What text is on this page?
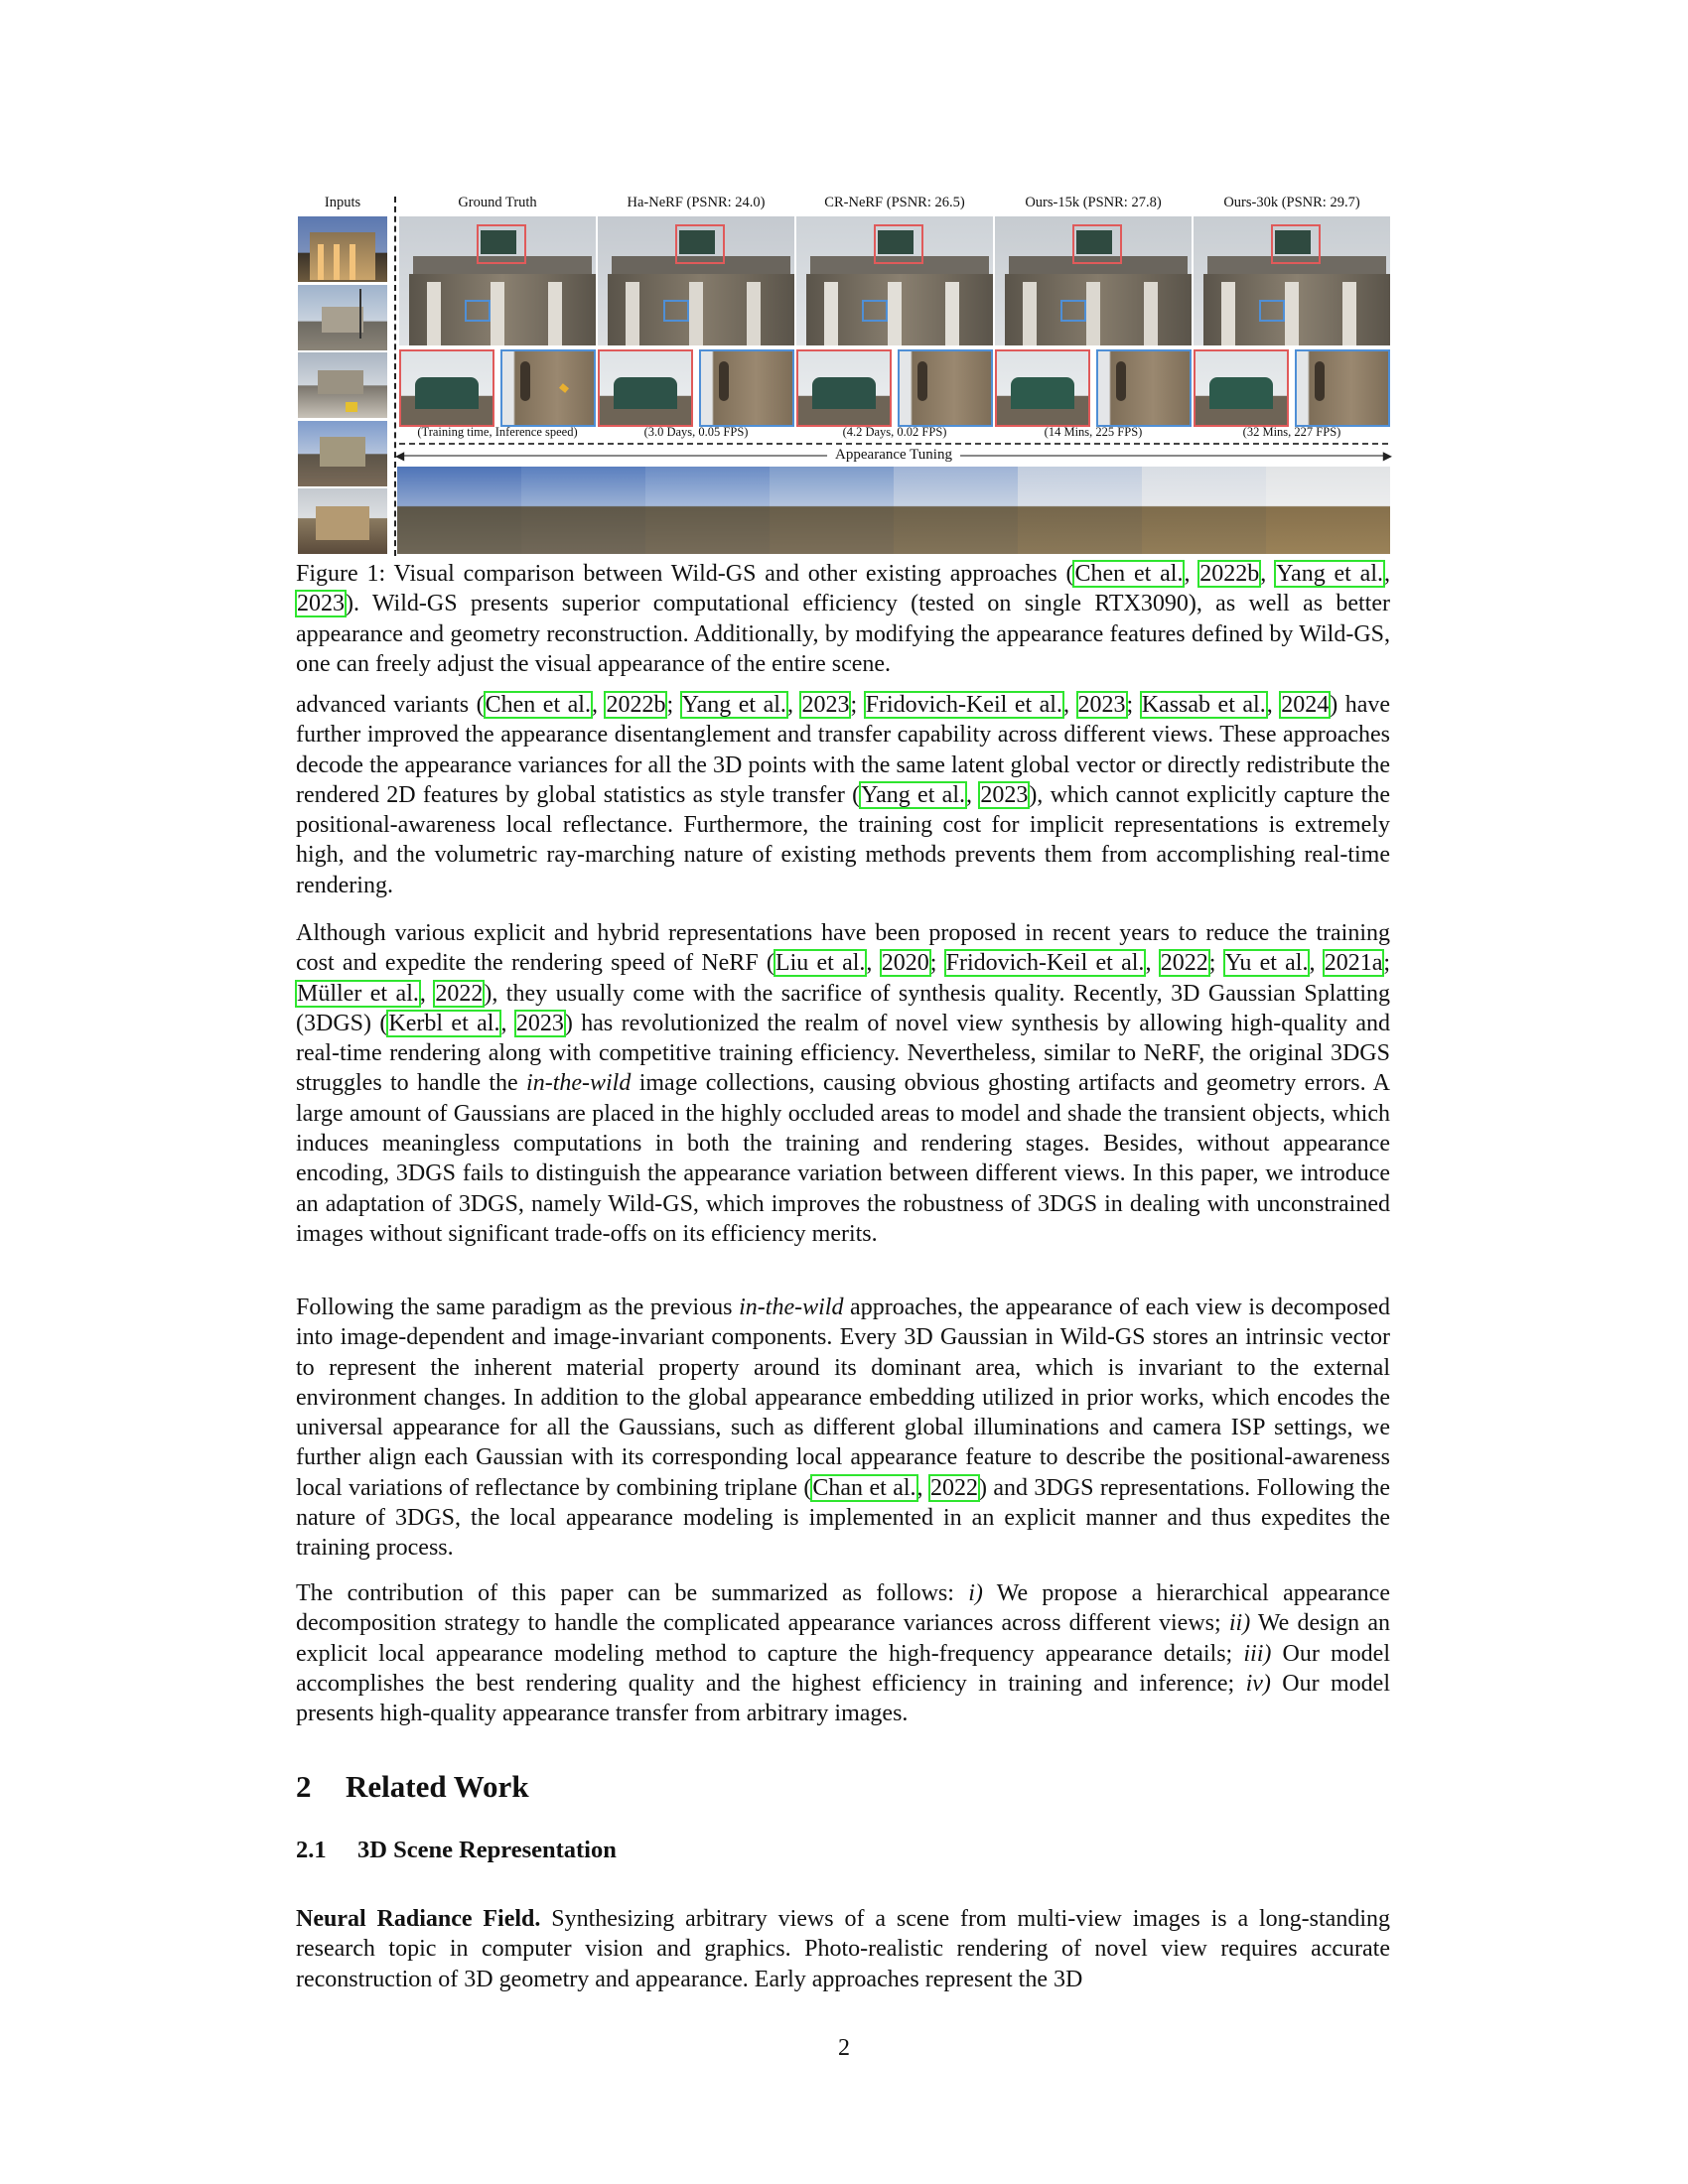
Inputs	Ground Truth	Ha-NeRF (PSNR: 24.0)	CR-NeRF (PSNR: 26.5)	Ours-15k (PSNR: 27.8)	Ours-30k (PSNR: 29.7)
(Training time, Inference speed)	(3.0 Days, 0.05 FPS)	(4.2 Days, 0.02 FPS)	(14 Mins, 225 FPS)	(32 Mins, 227 FPS)
◀	Appearance Tuning	▶

Figure 1: Visual comparison between Wild-GS and other existing approaches (Chen et al., 2022b, Yang et al., 2023). Wild-GS presents superior computational efficiency (tested on single RTX3090), as well as better appearance and geometry reconstruction. Additionally, by modifying the appearance features defined by Wild-GS, one can freely adjust the visual appearance of the entire scene.

advanced variants (Chen et al., 2022b; Yang et al., 2023; Fridovich-Keil et al., 2023; Kassab et al., 2024) have further improved the appearance disentanglement and transfer capability across different views. These approaches decode the appearance variances for all the 3D points with the same latent global vector or directly redistribute the rendered 2D features by global statistics as style transfer (Yang et al., 2023), which cannot explicitly capture the positional-awareness local reflectance. Furthermore, the training cost for implicit representations is extremely high, and the volumetric ray-marching nature of existing methods prevents them from accomplishing real-time rendering.

Although various explicit and hybrid representations have been proposed in recent years to reduce the training cost and expedite the rendering speed of NeRF (Liu et al., 2020; Fridovich-Keil et al., 2022; Yu et al., 2021a; Müller et al., 2022), they usually come with the sacrifice of synthesis quality. Recently, 3D Gaussian Splatting (3DGS) (Kerbl et al., 2023) has revolutionized the realm of novel view synthesis by allowing high-quality and real-time rendering along with competitive training efficiency. Nevertheless, similar to NeRF, the original 3DGS struggles to handle the in-the-wild image collections, causing obvious ghosting artifacts and geometry errors. A large amount of Gaussians are placed in the highly occluded areas to model and shade the transient objects, which induces meaningless computations in both the training and rendering stages. Besides, without appearance encoding, 3DGS fails to distinguish the appearance variation between different views. In this paper, we introduce an adaptation of 3DGS, namely Wild-GS, which improves the robustness of 3DGS in dealing with unconstrained images without significant trade-offs on its efficiency merits.

Following the same paradigm as the previous in-the-wild approaches, the appearance of each view is decomposed into image-dependent and image-invariant components. Every 3D Gaussian in Wild-GS stores an intrinsic vector to represent the inherent material property around its dominant area, which is invariant to the external environment changes. In addition to the global appearance embedding utilized in prior works, which encodes the universal appearance for all the Gaussians, such as different global illuminations and camera ISP settings, we further align each Gaussian with its corresponding local appearance feature to describe the positional-awareness local variations of reflectance by combining triplane (Chan et al., 2022) and 3DGS representations. Following the nature of 3DGS, the local appearance modeling is implemented in an explicit manner and thus expedites the training process.

The contribution of this paper can be summarized as follows: i) We propose a hierarchical appearance decomposition strategy to handle the complicated appearance variances across different views; ii) We design an explicit local appearance modeling method to capture the high-frequency appearance details; iii) Our model accomplishes the best rendering quality and the highest efficiency in training and inference; iv) Our model presents high-quality appearance transfer from arbitrary images.

2 Related Work
2.1 3D Scene Representation

Neural Radiance Field. Synthesizing arbitrary views of a scene from multi-view images is a long-standing research topic in computer vision and graphics. Photo-realistic rendering of novel view requires accurate reconstruction of 3D geometry and appearance. Early approaches represent the 3D

2
